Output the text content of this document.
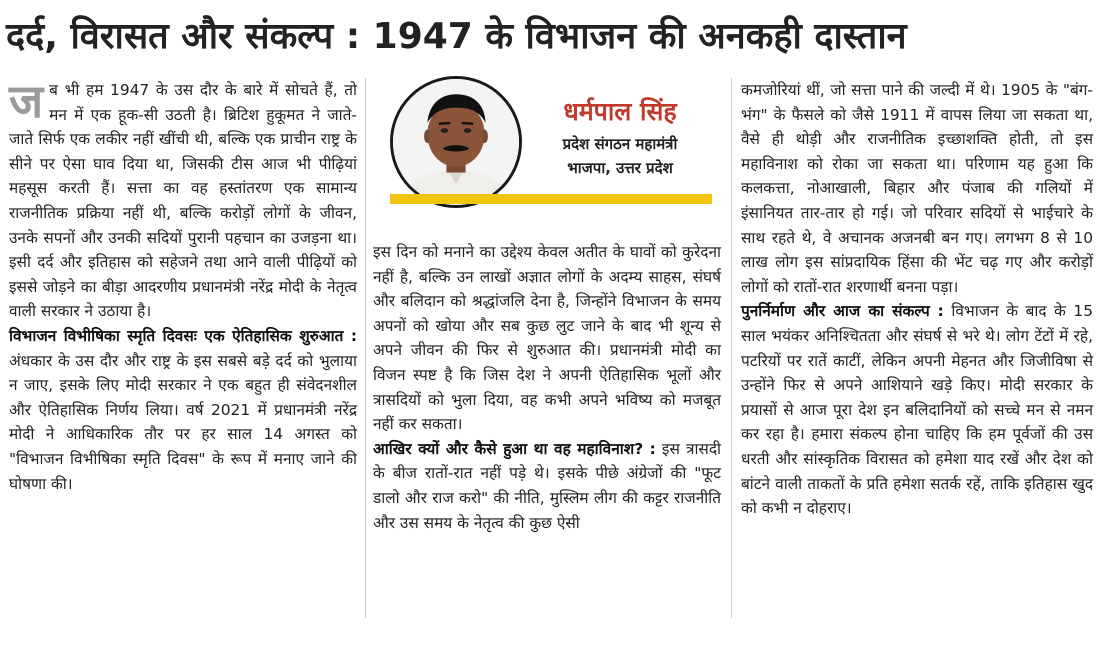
दर्द, विरासत और संकल्प : 1947 के विभाजन की अनकही दास्तान

जब भी हम 1947 के उस दौर के बारे में सोचते हैं, तो मन में एक हूक-सी उठती है। ब्रिटिश हुकूमत ने जाते-जाते सिर्फ एक लकीर नहीं खींची थी, बल्कि एक प्राचीन राष्ट्र के सीने पर ऐसा घाव दिया था, जिसकी टीस आज भी पीढ़ियां महसूस करती हैं। सत्ता का वह हस्तांतरण एक सामान्य राजनीतिक प्रक्रिया नहीं थी, बल्कि करोड़ों लोगों के जीवन, उनके सपनों और उनकी सदियों पुरानी पहचान का उजड़ना था। इसी दर्द और इतिहास को सहेजने तथा आने वाली पीढ़ियों को इससे जोड़ने का बीड़ा आदरणीय प्रधानमंत्री नरेंद्र मोदी के नेतृत्व वाली सरकार ने उठाया है।

विभाजन विभीषिका स्मृति दिवसः एक ऐतिहासिक शुरुआत : अंधकार के उस दौर और राष्ट्र के इस सबसे बड़े दर्द को भुलाया न जाए, इसके लिए मोदी सरकार ने एक बहुत ही संवेदनशील और ऐतिहासिक निर्णय लिया। वर्ष 2021 में प्रधानमंत्री नरेंद्र मोदी ने आधिकारिक तौर पर हर साल 14 अगस्त को "विभाजन विभीषिका स्मृति दिवस" के रूप में मनाए जाने की घोषणा की।

धर्मपाल सिंह
प्रदेश संगठन महामंत्री
भाजपा, उत्तर प्रदेश

इस दिन को मनाने का उद्देश्य केवल अतीत के घावों को कुरेदना नहीं है, बल्कि उन लाखों अज्ञात लोगों के अदम्य साहस, संघर्ष और बलिदान को श्रद्धांजलि देना है, जिन्होंने विभाजन के समय अपनों को खोया और सब कुछ लुट जाने के बाद भी शून्य से अपने जीवन की फिर से शुरुआत की। प्रधानमंत्री मोदी का विजन स्पष्ट है कि जिस देश ने अपनी ऐतिहासिक भूलों और त्रासदियों को भुला दिया, वह कभी अपने भविष्य को मजबूत नहीं कर सकता।

आखिर क्यों और कैसे हुआ था वह महाविनाश? : इस त्रासदी के बीज रातों-रात नहीं पड़े थे। इसके पीछे अंग्रेजों की "फूट डालो और राज करो" की नीति, मुस्लिम लीग की कट्टर राजनीति और उस समय के नेतृत्व की कुछ ऐसी

कमजोरियां थीं, जो सत्ता पाने की जल्दी में थे। 1905 के "बंग-भंग" के फैसले को जैसे 1911 में वापस लिया जा सकता था, वैसे ही थोड़ी और राजनीतिक इच्छाशक्ति होती, तो इस महाविनाश को रोका जा सकता था। परिणाम यह हुआ कि कलकत्ता, नोआखाली, बिहार और पंजाब की गलियों में इंसानियत तार-तार हो गई। जो परिवार सदियों से भाईचारे के साथ रहते थे, वे अचानक अजनबी बन गए। लगभग 8 से 10 लाख लोग इस सांप्रदायिक हिंसा की भेंट चढ़ गए और करोड़ों लोगों को रातों-रात शरणार्थी बनना पड़ा।

पुनर्निर्माण और आज का संकल्प : विभाजन के बाद के 15 साल भयंकर अनिश्चितता और संघर्ष से भरे थे। लोग टेंटों में रहे, पटरियों पर रातें काटीं, लेकिन अपनी मेहनत और जिजीविषा से उन्होंने फिर से अपने आशियाने खड़े किए। मोदी सरकार के प्रयासों से आज पूरा देश इन बलिदानियों को सच्चे मन से नमन कर रहा है। हमारा संकल्प होना चाहिए कि हम पूर्वजों की उस धरती और सांस्कृतिक विरासत को हमेशा याद रखें और देश को बांटने वाली ताकतों के प्रति हमेशा सतर्क रहें, ताकि इतिहास खुद को कभी न दोहराए।
